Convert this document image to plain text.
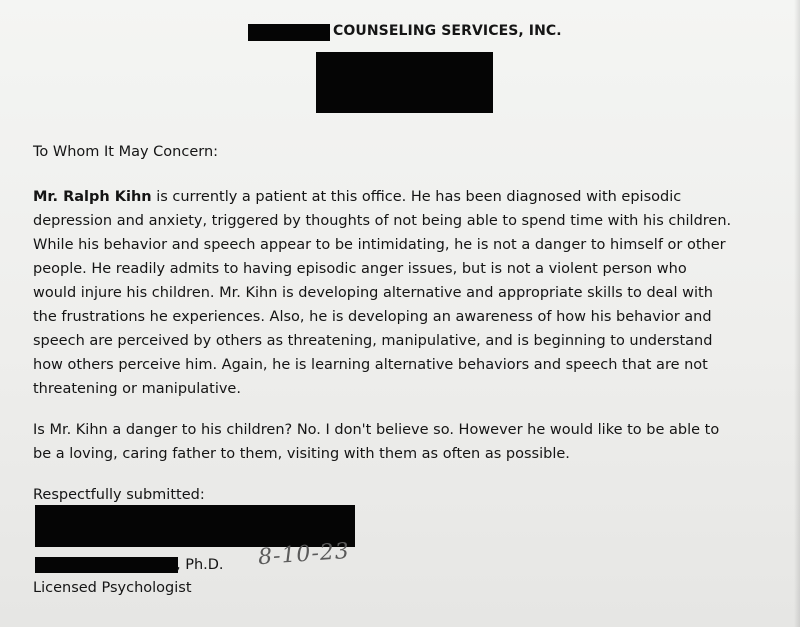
COUNSELING SERVICES, INC.
To Whom It May Concern:
Mr. Ralph Kihn is currently a patient at this office. He has been diagnosed with episodic
depression and anxiety, triggered by thoughts of not being able to spend time with his children.
While his behavior and speech appear to be intimidating, he is not a danger to himself or other
people. He readily admits to having episodic anger issues, but is not a violent person who
would injure his children. Mr. Kihn is developing alternative and appropriate skills to deal with
the frustrations he experiences. Also, he is developing an awareness of how his behavior and
speech are perceived by others as threatening, manipulative, and is beginning to understand
how others perceive him. Again, he is learning alternative behaviors and speech that are not
threatening or manipulative.
Is Mr. Kihn a danger to his children? No. I don't believe so. However he would like to be able to
be a loving, caring father to them, visiting with them as often as possible.
Respectfully submitted:
, Ph.D. 8-10-23
Licensed Psychologist
